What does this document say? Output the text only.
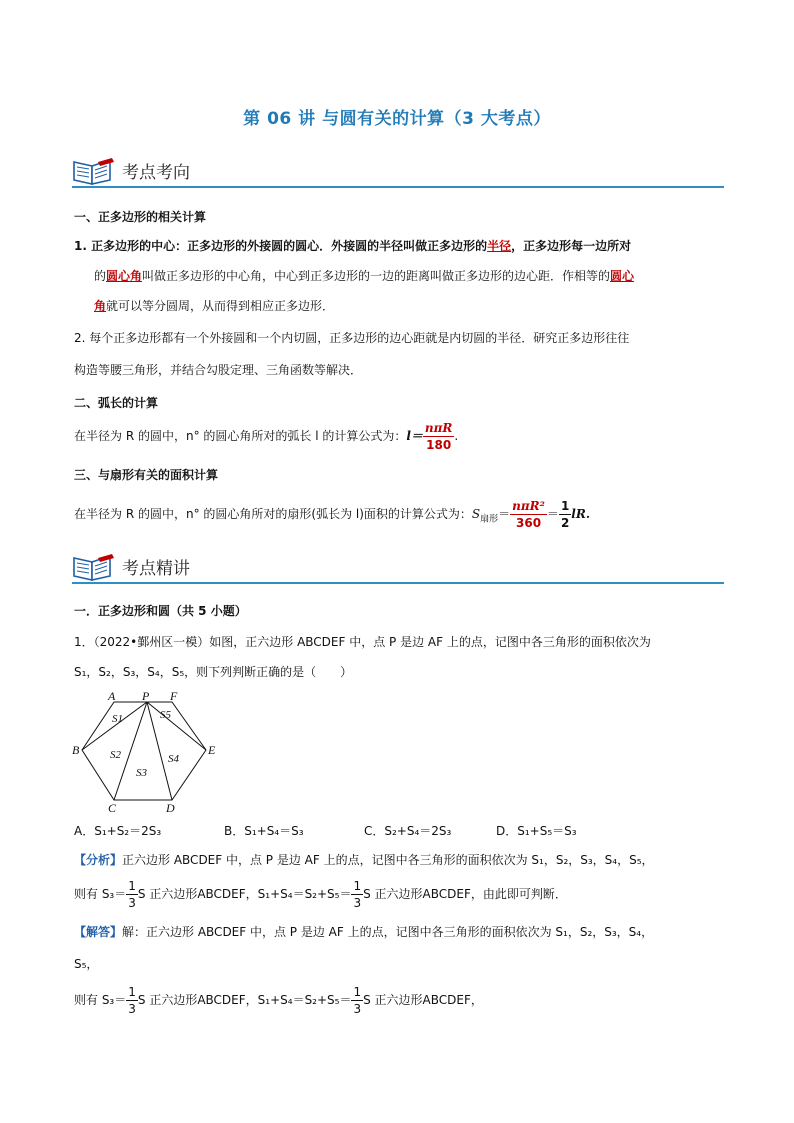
第 06 讲 与圆有关的计算（3 大考点）
考点考向
一、正多边形的相关计算
1. 正多边形的中心：正多边形的外接圆的圆心．外接圆的半径叫做正多边形的半径，正多边形每一边所对
的圆心角叫做正多边形的中心角，中心到正多边形的一边的距离叫做正多边形的边心距．作相等的圆心
角就可以等分圆周，从而得到相应正多边形．
2. 每个正多边形都有一个外接圆和一个内切圆，正多边形的边心距就是内切圆的半径．研究正多边形往往
构造等腰三角形，并结合勾股定理、三角函数等解决．
二、弧长的计算
在半径为 R 的圆中，n° 的圆心角所对的弧长 l 的计算公式为：$l= \frac{\text{nπR}}{180}$ .
三、与扇形有关的面积计算
在半径为 R 的圆中，n° 的圆心角所对的扇形(弧长为 l)面积的计算公式为：$S_{扇形}= \frac{\text{nπR²}}{360} = \frac{1}{2}$ lR.
考点精讲
一．正多边形和圆（共 5 小题）
1．（2022•鄞州区一模）如图，正六边形 ABCDEF 中，点 P 是边 AF 上的点，记图中各三角形的面积依次为
S₁，S₂，S₃，S₄，S₅，则下列判断正确的是（　　）
A P F
B	E
C	D
S1
S2
S3
S4
S5
A．S₁+S₂＝2S₃	B．S₁+S₄＝S₃	C．S₂+S₄＝2S₃	D．S₁+S₅＝S₃
【分析】正六边形 ABCDEF 中，点 P 是边 AF 上的点，记图中各三角形的面积依次为 S₁，S₂，S₃，S₄，S₅，
则有 $S_3= \frac{1}{3}$ S 正六边形ABCDEF，$S_1+S_4=S_2+S_5= \frac{1}{3}$ S 正六边形ABCDEF，由此即可判断．
【解答】解：正六边形 ABCDEF 中，点 P 是边 AF 上的点，记图中各三角形的面积依次为 S₁，S₂，S₃，S₄，
S₅，
则有 $S_3= \frac{1}{3}$ S 正六边形ABCDEF，$S_1+S_4=S_2+S_5= \frac{1}{3}$ S 正六边形ABCDEF，
